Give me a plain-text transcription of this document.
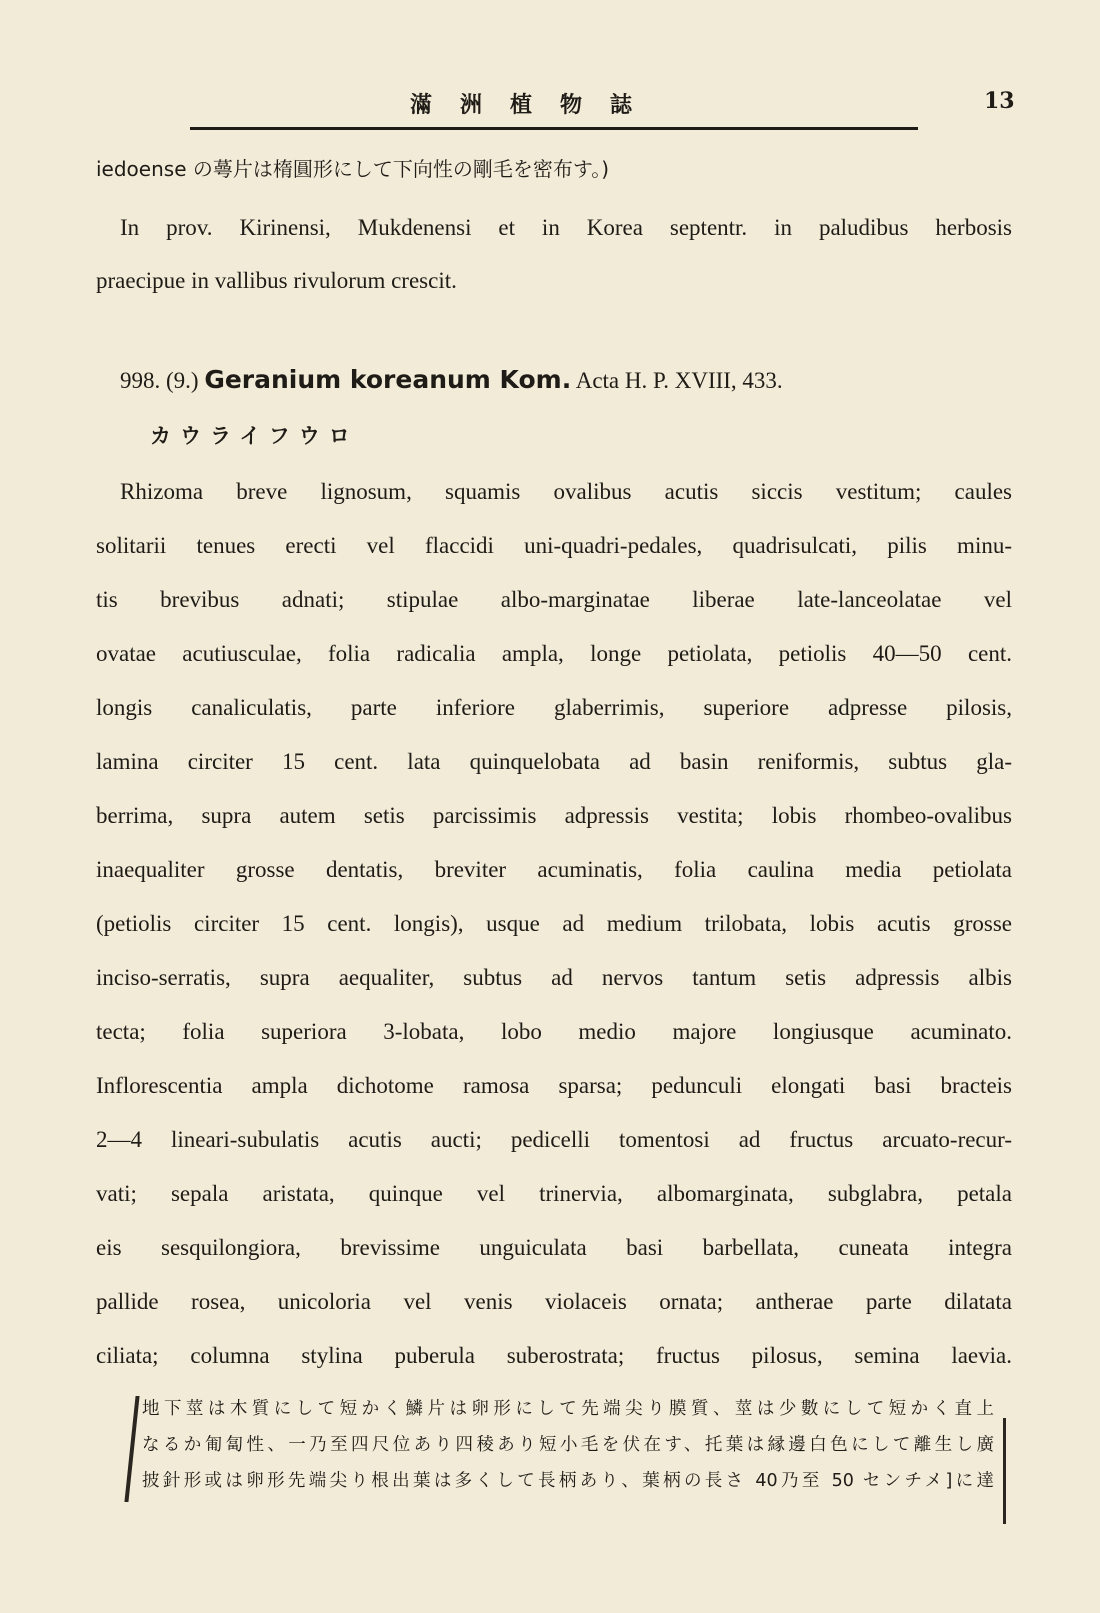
13
滿洲植物誌
iedoense の蕚片は楕圓形にして下向性の剛毛を密布す。)
In prov. Kirinensi, Mukdenensi et in Korea septentr. in paludibus herbosis
praecipue in vallibus rivulorum crescit.
998. (9.) Geranium koreanum Kom. Acta H. P. XVIII, 433.
カウライフウロ
Rhizoma breve lignosum, squamis ovalibus acutis siccis vestitum; caules
solitarii tenues erecti vel flaccidi uni-quadri-pedales, quadrisulcati, pilis minu-
tis brevibus adnati; stipulae albo-marginatae liberae late-lanceolatae vel
ovatae acutiusculae, folia radicalia ampla, longe petiolata, petiolis 40—50 cent.
longis canaliculatis, parte inferiore glaberrimis, superiore adpresse pilosis,
lamina circiter 15 cent. lata quinquelobata ad basin reniformis, subtus gla-
berrima, supra autem setis parcissimis adpressis vestita; lobis rhombeo-ovalibus
inaequaliter grosse dentatis, breviter acuminatis, folia caulina media petiolata
(petiolis circiter 15 cent. longis), usque ad medium trilobata, lobis acutis grosse
inciso-serratis, supra aequaliter, subtus ad nervos tantum setis adpressis albis
tecta; folia superiora 3-lobata, lobo medio majore longiusque acuminato.
Inflorescentia ampla dichotome ramosa sparsa; pedunculi elongati basi bracteis
2—4 lineari-subulatis acutis aucti; pedicelli tomentosi ad fructus arcuato-recur-
vati; sepala aristata, quinque vel trinervia, albomarginata, subglabra, petala
eis sesquilongiora, brevissime unguiculata basi barbellata, cuneata integra
pallide rosea, unicoloria vel venis violaceis ornata; antherae parte dilatata
ciliata; columna stylina puberula suberostrata; fructus pilosus, semina laevia.
地下莖は木質にして短かく鱗片は卵形にして先端尖り膜質、莖は少數にして短かく直上
なるか匍匐性、一乃至四尺位あり四稜あり短小毛を伏在す、托葉は縁邊白色にして離生し廣
披針形或は卵形先端尖り根出葉は多くして長柄あり、葉柄の長さ 40乃至 50 センチメ]に達
